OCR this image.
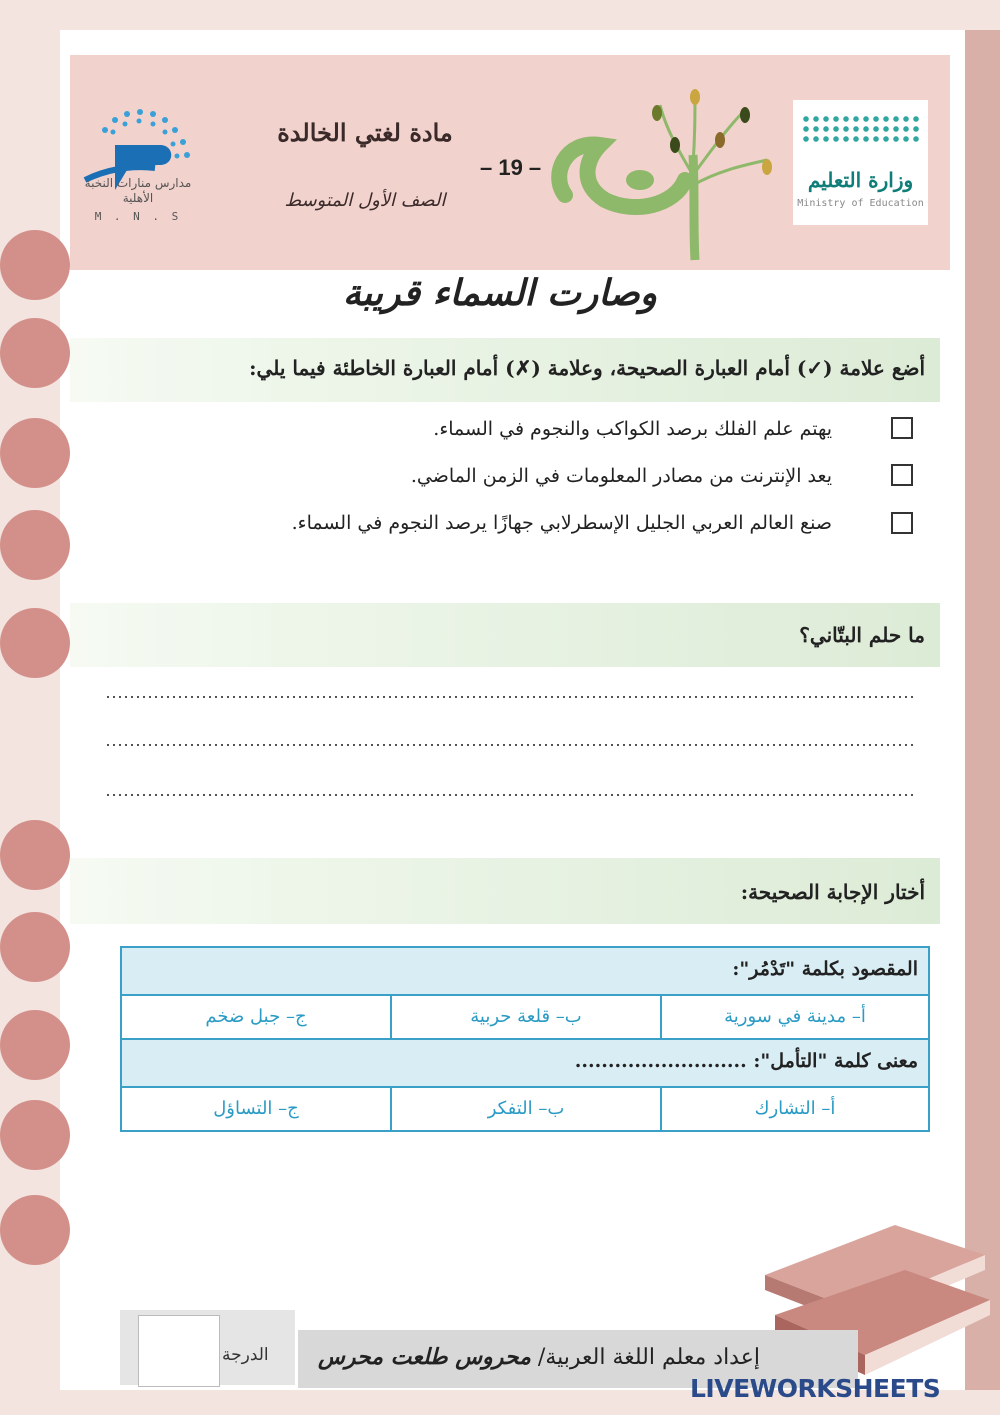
وزارة التعليم
Ministry of Education
– 19 –
مادة لغتي الخالدة
الصف الأول المتوسط
مدارس منارات النخبة الأهلية
M . N . S
وصارت السماء قريبة
أضع علامة (✓) أمام العبارة الصحيحة، وعلامة (✗) أمام العبارة الخاطئة فيما يلي:
يهتم علم الفلك برصد الكواكب والنجوم في السماء.
يعد الإنترنت من مصادر المعلومات في الزمن الماضي.
صنع العالم العربي الجليل الإسطرلابي جهازًا يرصد النجوم في السماء.
ما حلم البتّاني؟
أختار الإجابة الصحيحة:
المقصود بكلمة "تَدْمُر":
أ– مدينة في سورية
ب– قلعة حربية
ج– جبل ضخم
معنى كلمة "التأمل": ..........................
أ– التشارك
ب– التفكر
ج– التساؤل
الدرجة	إعداد معلم اللغة العربية/ محروس طلعت محرس
LIVEWORKSHEETS
